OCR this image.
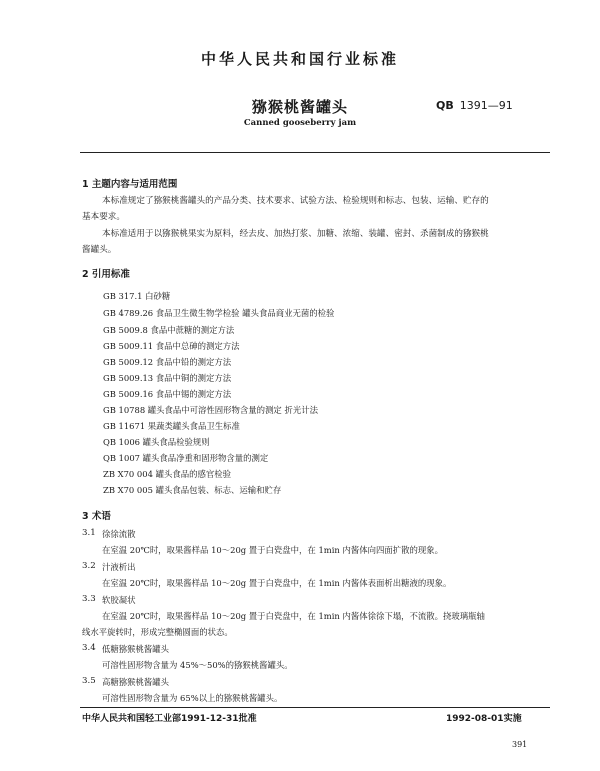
中华人民共和国行业标准
猕猴桃酱罐头	QB 1391—91
Canned gooseberry jam
1 主题内容与适用范围
本标准规定了猕猴桃酱罐头的产品分类、技术要求、试验方法、检验规则和标志、包装、运输、贮存的
基本要求。
本标准适用于以猕猴桃果实为原料，经去皮、加热打浆、加糖、浓缩、装罐、密封、杀菌制成的猕猴桃
酱罐头。
2 引用标准
GB 317.1 白砂糖
GB 4789.26 食品卫生微生物学检验 罐头食品商业无菌的检验
GB 5009.8 食品中蔗糖的测定方法
GB 5009.11 食品中总砷的测定方法
GB 5009.12 食品中铅的测定方法
GB 5009.13 食品中铜的测定方法
GB 5009.16 食品中锡的测定方法
GB 10788 罐头食品中可溶性固形物含量的测定 折光计法
GB 11671 果蔬类罐头食品卫生标准
QB 1006 罐头食品检验规则
QB 1007 罐头食品净重和固形物含量的测定
ZB X70 004 罐头食品的感官检验
ZB X70 005 罐头食品包装、标志、运输和贮存
3 术语
3.1 徐徐流散
在室温 20℃时，取果酱样品 10～20g 置于白瓷盘中，在 1min 内酱体向四面扩散的现象。
3.2 汁液析出
在室温 20℃时，取果酱样品 10～20g 置于白瓷盘中，在 1min 内酱体表面析出糖液的现象。
3.3 软胶凝状
在室温 20℃时，取果酱样品 10～20g 置于白瓷盘中，在 1min 内酱体徐徐下塌，不流散。挠玻璃瓶轴
线水平旋转时，形成完整椭圆面的状态。
3.4 低糖猕猴桃酱罐头
可溶性固形物含量为 45%～50%的猕猴桃酱罐头。
3.5 高糖猕猴桃酱罐头
可溶性固形物含量为 65%以上的猕猴桃酱罐头。
中华人民共和国轻工业部1991-12-31批准	1992-08-01实施
391
